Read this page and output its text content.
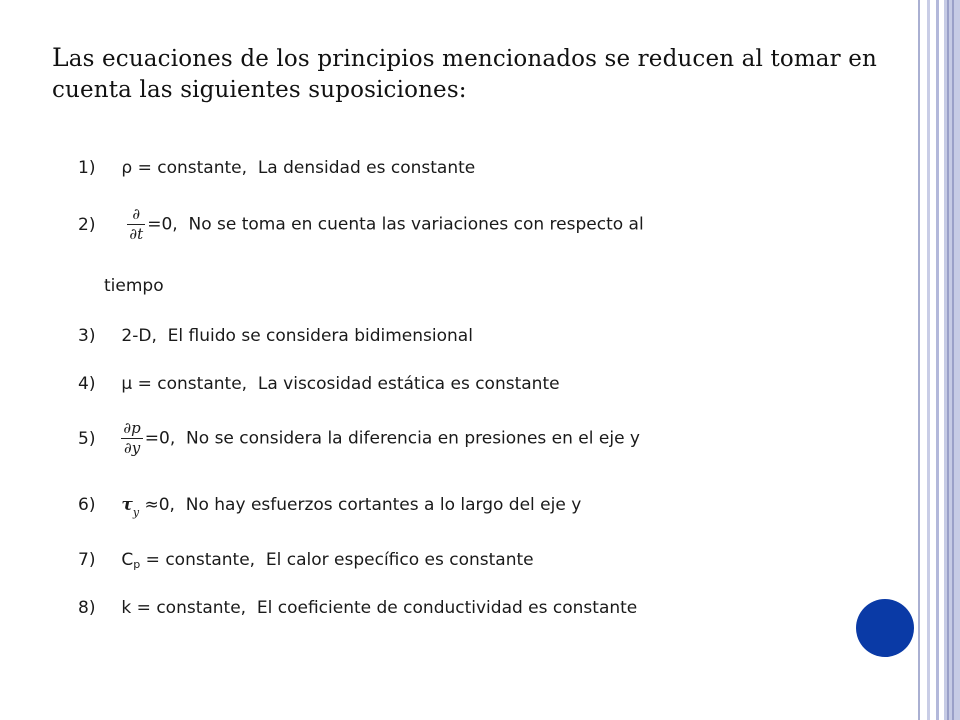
Las ecuaciones de los principios mencionados se reducen al tomar en cuenta las siguientes suposiciones:
1) ρ = constante,  La densidad es constante
$2) \frac{\partial}{\partial t} =0$,  No se toma en cuenta las variaciones con respecto al
tiempo
3) 2-D,  El fluido se considera bidimensional
4) μ = constante,  La viscosidad estática es constante
$5) \frac{\partial p}{\partial y} =0$,  No se considera la diferencia en presiones en el eje y
6) $\tau_y \approx 0$,  No hay esfuerzos cortantes a lo largo del eje y
7) Cp = constante,  El calor específico es constante
8) k = constante,  El coeficiente de conductividad es constante
